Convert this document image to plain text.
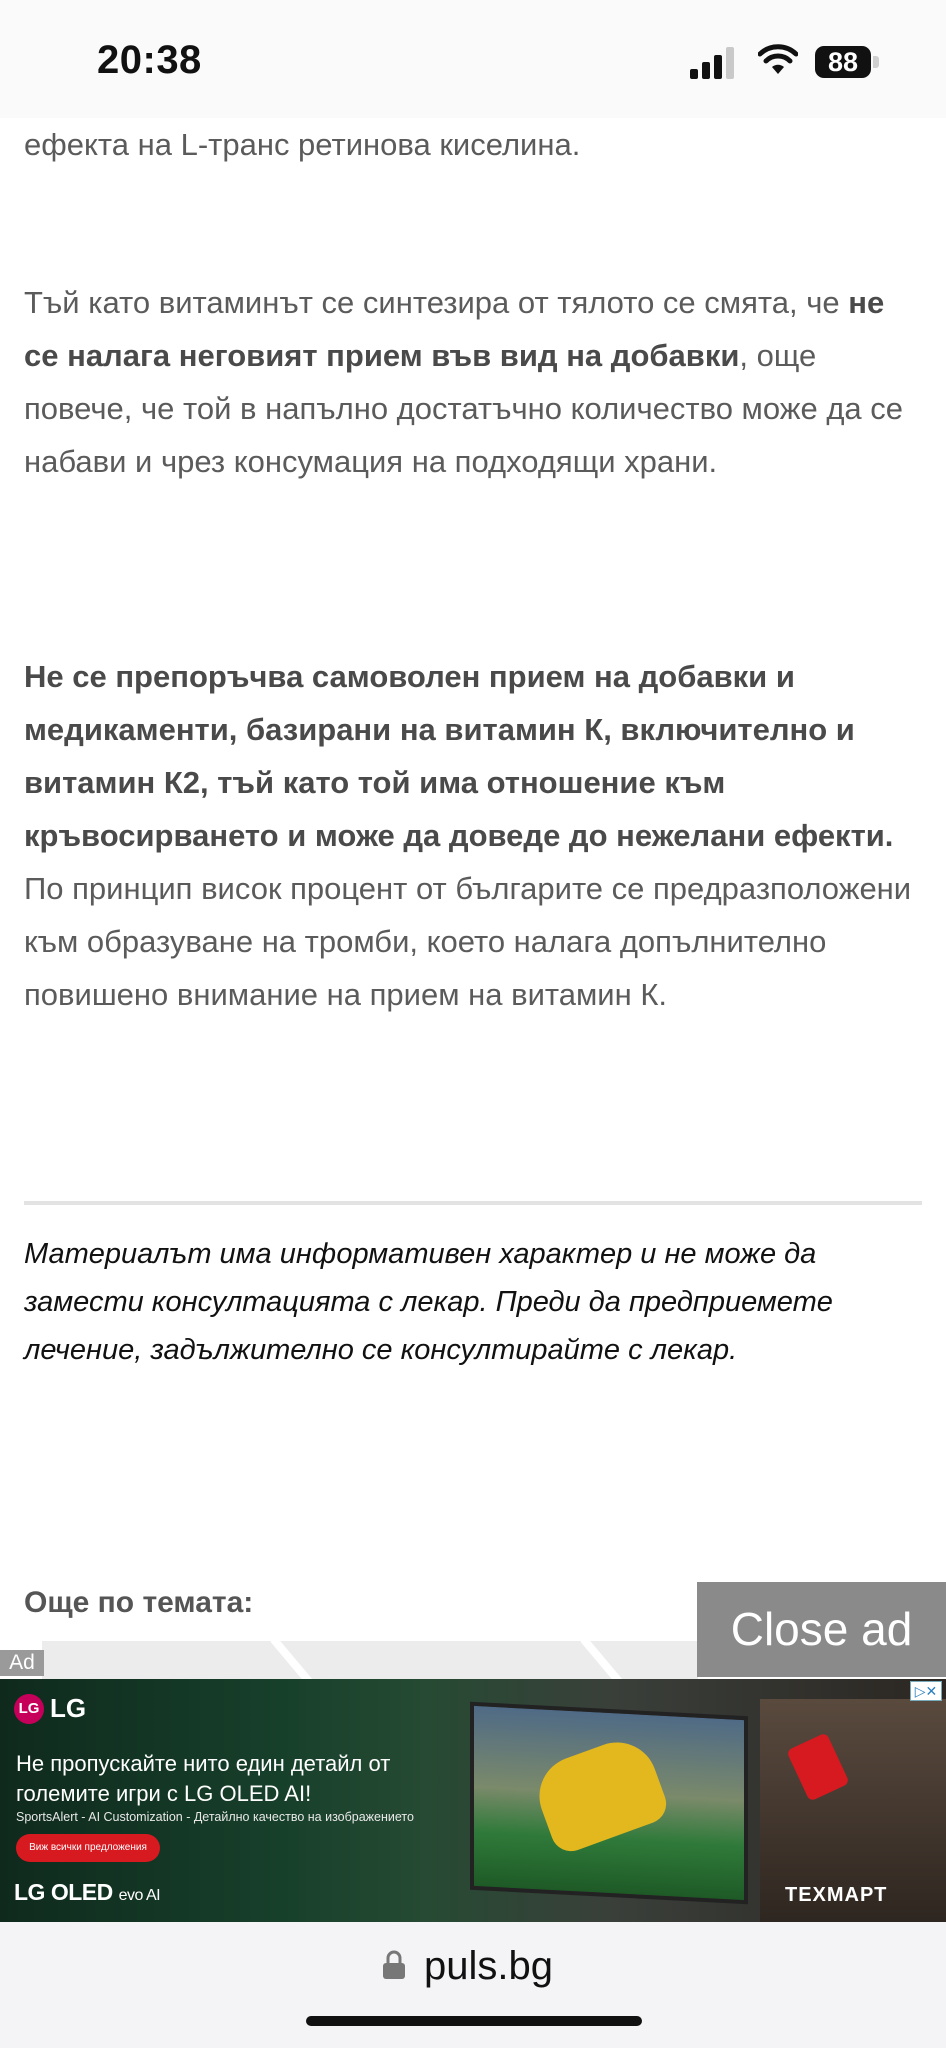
20:38	88

ефекта на L-транс ретинова киселина.

Тъй като витаминът се синтезира от тялото се смята, че не се налага неговият прием във вид на добавки, още повече, че той в напълно достатъчно количество може да се набави и чрез консумация на подходящи храни.

Не се препоръчва самоволен прием на добавки и медикаменти, базирани на витамин К, включително и витамин К2, тъй като той има отношение към кръвосирването и може да доведе до нежелани ефекти. По принцип висок процент от българите се предразположени към образуване на тромби, което налага допълнително повишено внимание на прием на витамин К.

Материалът има информативен характер и не може да замести консултацията с лекар. Преди да предприемете лечение, задължително се консултирайте с лекар.

Още по темата:
Close ad
Ad
▷✕
LG LG

Не пропускайте нито един детайл от големите игри с LG OLED AI!

SportsAlert - AI Customization - Детайлно качество на изображението
Виж всички предложения
LG OLED evo AI	ТЕХМАРТ
puls.bg
